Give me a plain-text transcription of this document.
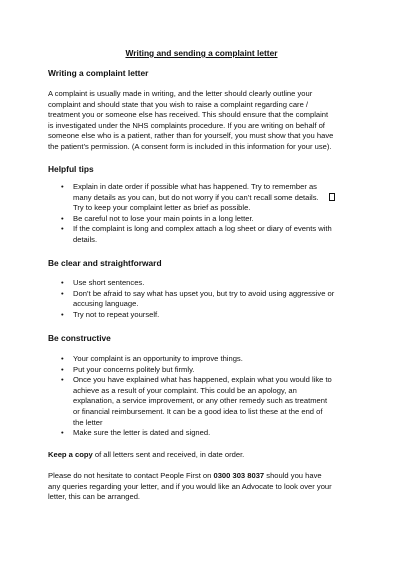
Writing and sending a complaint letter
Writing a complaint letter
A complaint is usually made in writing, and the letter should clearly outline your
complaint and should state that you wish to raise a complaint regarding care /
treatment you or someone else has received. This should ensure that the complaint
is investigated under the NHS complaints procedure. If you are writing on behalf of
someone else who is a patient, rather than for yourself, you must show that you have
the patient’s permission. (A consent form is included in this information for your use).
Helpful tips
• Explain in date order if possible what has happened. Try to remember as
many details as you can, but do not worry if you can’t recall some details.
Try to keep your complaint letter as brief as possible.
• Be careful not to lose your main points in a long letter.
• If the complaint is long and complex attach a log sheet or diary of events with
details.
Be clear and straightforward
• Use short sentences.
• Don’t be afraid to say what has upset you, but try to avoid using aggressive or
accusing language.
• Try not to repeat yourself.
Be constructive
• Your complaint is an opportunity to improve things.
• Put your concerns politely but firmly.
• Once you have explained what has happened, explain what you would like to
achieve as a result of your complaint. This could be an apology, an
explanation, a service improvement, or any other remedy such as treatment
or financial reimbursement. It can be a good idea to list these at the end of
the letter
• Make sure the letter is dated and signed.
Keep a copy of all letters sent and received, in date order.
Please do not hesitate to contact People First on 0300 303 8037 should you have
any queries regarding your letter, and if you would like an Advocate to look over your
letter, this can be arranged.
